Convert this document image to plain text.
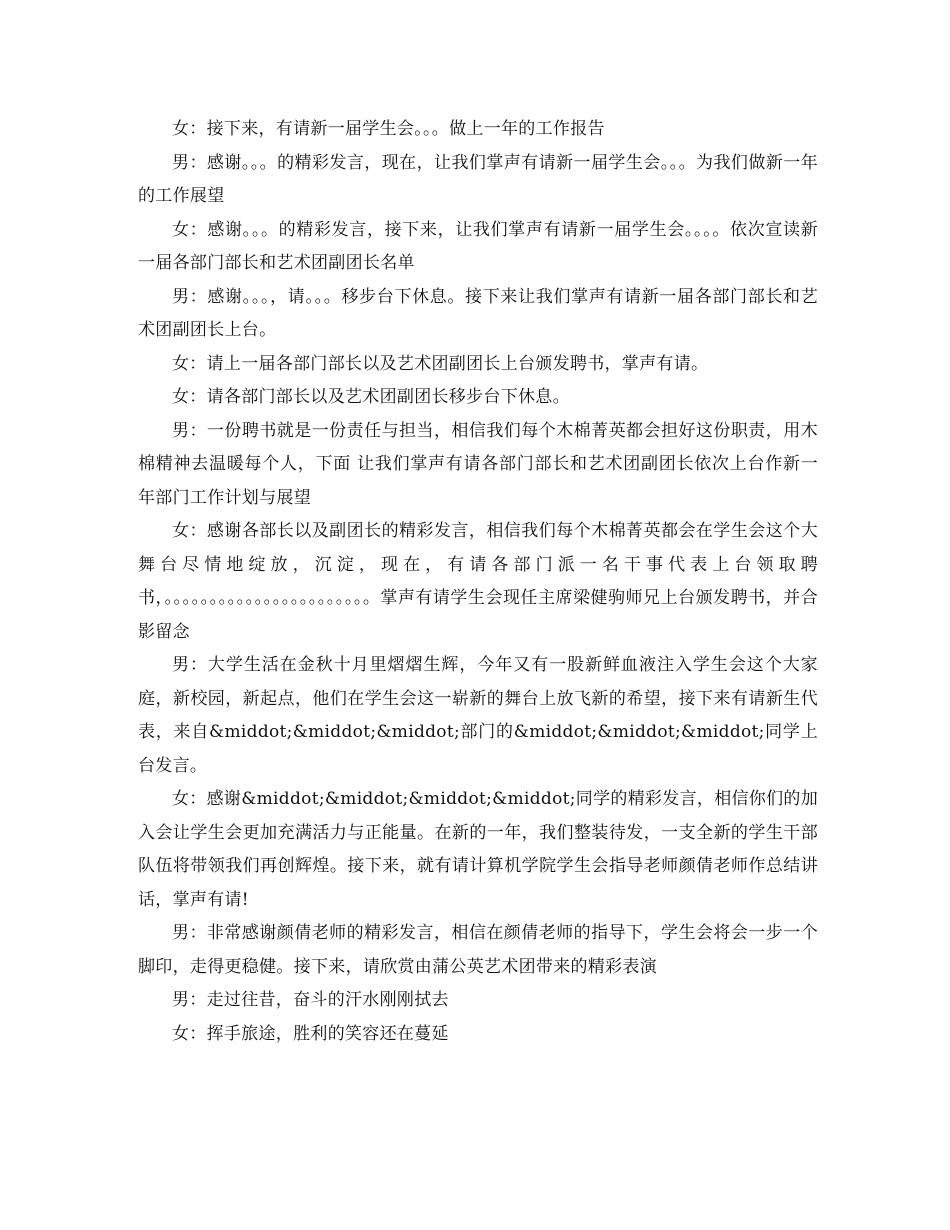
女：接下来，有请新一届学生会。。。做上一年的工作报告

男：感谢。。。的精彩发言，现在，让我们掌声有请新一届学生会。。。为我们做新一年的工作展望

女：感谢。。。的精彩发言，接下来，让我们掌声有请新一届学生会。。。。依次宣读新一届各部门部长和艺术团副团长名单

男：感谢。。。，请。。。移步台下休息。接下来让我们掌声有请新一届各部门部长和艺术团副团长上台。

女：请上一届各部门部长以及艺术团副团长上台颁发聘书，掌声有请。

女：请各部门部长以及艺术团副团长移步台下休息。

男：一份聘书就是一份责任与担当，相信我们每个木棉菁英都会担好这份职责，用木棉精神去温暖每个人，下面 让我们掌声有请各部门部长和艺术团副团长依次上台作新一年部门工作计划与展望

女：感谢各部长以及副团长的精彩发言，相信我们每个木棉菁英都会在学生会这个大舞台尽情地绽放，沉淀，现在，有请各部门派一名干事代表上台领取聘书，。。。。。。。。。。。。。。。。。。。。。。。掌声有请学生会现任主席梁健驹师兄上台颁发聘书，并合影留念

男：大学生活在金秋十月里熠熠生辉，今年又有一股新鲜血液注入学生会这个大家庭，新校园，新起点，他们在学生会这一崭新的舞台上放飞新的希望，接下来有请新生代表，来自&middot;&middot;&middot;部门的&middot;&middot;&middot;同学上台发言。

女：感谢&middot;&middot;&middot;&middot;同学的精彩发言，相信你们的加入会让学生会更加充满活力与正能量。在新的一年，我们整装待发，一支全新的学生干部队伍将带领我们再创辉煌。接下来，就有请计算机学院学生会指导老师颜倩老师作总结讲话，掌声有请!

男：非常感谢颜倩老师的精彩发言，相信在颜倩老师的指导下，学生会将会一步一个脚印，走得更稳健。接下来，请欣赏由蒲公英艺术团带来的精彩表演

男：走过往昔，奋斗的汗水刚刚拭去

女：挥手旅途，胜利的笑容还在蔓延
